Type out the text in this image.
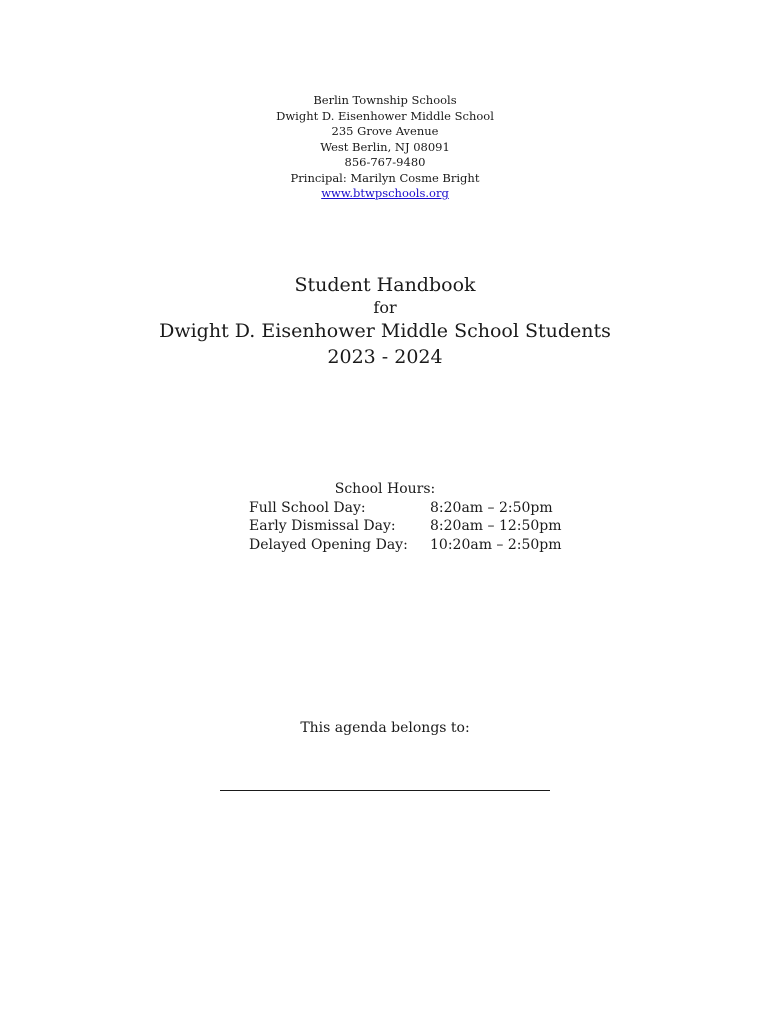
Berlin Township Schools
Dwight D. Eisenhower Middle School
235 Grove Avenue
West Berlin, NJ 08091
856-767-9480
Principal: Marilyn Cosme Bright
www.btwpschools.org
Student Handbook
for
Dwight D. Eisenhower Middle School Students
2023 - 2024
School Hours:
Full School Day:	8:20am – 2:50pm
Early Dismissal Day: 8:20am – 12:50pm
Delayed Opening Day: 10:20am – 2:50pm
This agenda belongs to:
